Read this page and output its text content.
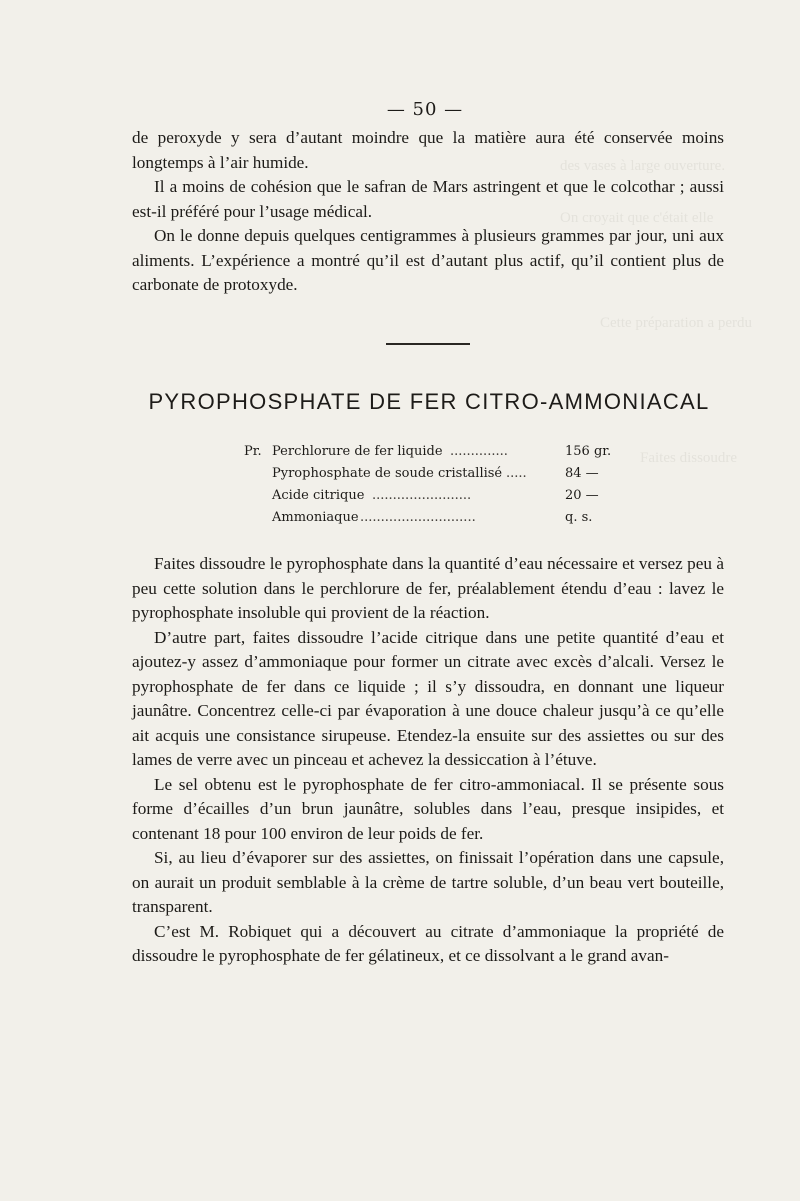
des vases à large ouverture.
On croyait que c'était elle
Cette préparation a perdu
Faites dissoudre
— 50 —

de peroxyde y sera d’autant moindre que la matière aura été conservée moins longtemps à l’air humide.

Il a moins de cohésion que le safran de Mars astringent et que le colcothar ; aussi est-il préféré pour l’usage médical.

On le donne depuis quelques centigrammes à plusieurs grammes par jour, uni aux aliments. L’expérience a montré qu’il est d’autant plus actif, qu’il contient plus de carbonate de protoxyde.

PYROPHOSPHATE DE FER CITRO-AMMONIACAL
Pr. Perchlorure de fer liquide ..............	156 gr.
Pyrophosphate de soude cristallisé .....	84 —
Acide citrique ........................	20 —
Ammoniaque ............................	q. s.

Faites dissoudre le pyrophosphate dans la quantité d’eau nécessaire et versez peu à peu cette solution dans le perchlorure de fer, préalablement étendu d’eau : lavez le pyrophosphate insoluble qui provient de la réaction.

D’autre part, faites dissoudre l’acide citrique dans une petite quantité d’eau et ajoutez-y assez d’ammoniaque pour former un citrate avec excès d’alcali. Versez le pyrophosphate de fer dans ce liquide ; il s’y dissoudra, en donnant une liqueur jaunâtre. Concentrez celle-ci par évaporation à une douce chaleur jusqu’à ce qu’elle ait acquis une consistance sirupeuse. Etendez-la ensuite sur des assiettes ou sur des lames de verre avec un pinceau et achevez la dessiccation à l’étuve.

Le sel obtenu est le pyrophosphate de fer citro-ammoniacal. Il se présente sous forme d’écailles d’un brun jaunâtre, solubles dans l’eau, presque insipides, et contenant 18 pour 100 environ de leur poids de fer.

Si, au lieu d’évaporer sur des assiettes, on finissait l’opération dans une capsule, on aurait un produit semblable à la crème de tartre soluble, d’un beau vert bouteille, transparent.

C’est M. Robiquet qui a découvert au citrate d’ammoniaque la propriété de dissoudre le pyrophosphate de fer gélatineux, et ce dissolvant a le grand avan-
